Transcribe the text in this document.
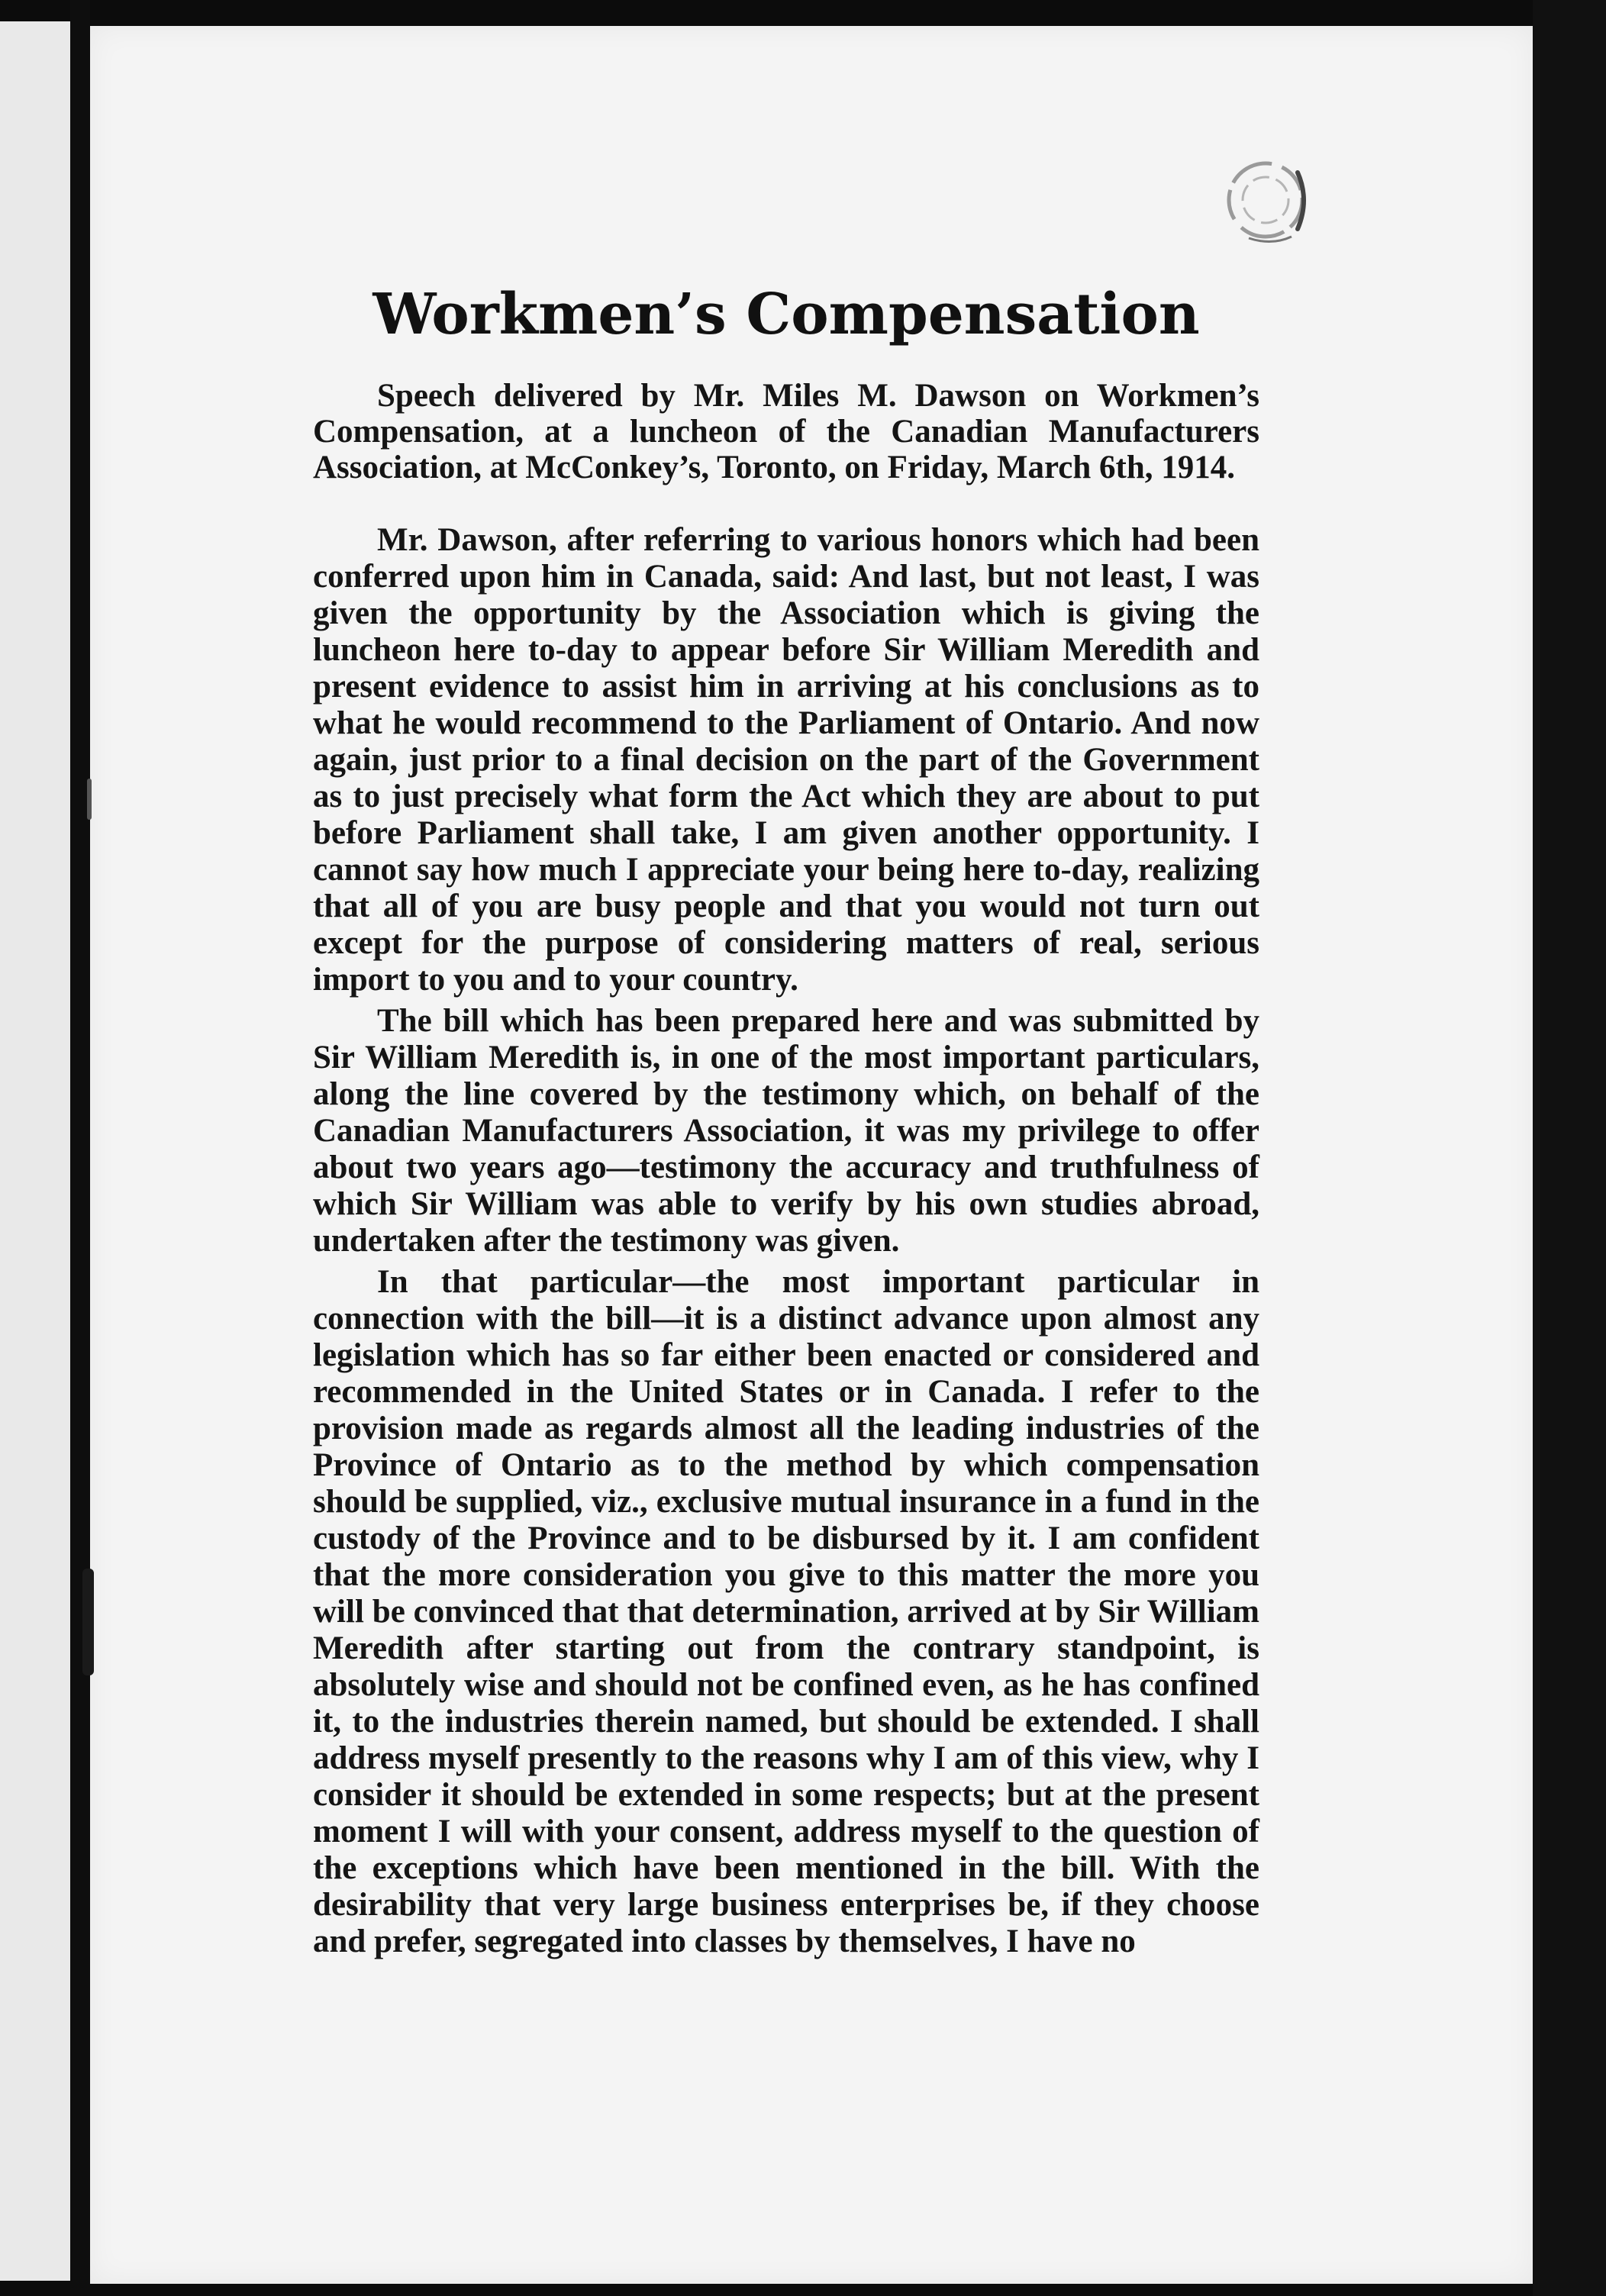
Workmen’s Compensation

Speech delivered by Mr. Miles M. Dawson on Workmen’s Compensation, at a luncheon of the Canadian Manufacturers Association, at McConkey’s, Toronto, on Friday, March 6th, 1914.

Mr. Dawson, after referring to various honors which had been conferred upon him in Canada, said: And last, but not least, I was given the opportunity by the Association which is giving the luncheon here to-day to appear before Sir William Meredith and present evidence to assist him in arriving at his conclusions as to what he would recommend to the Parliament of Ontario. And now again, just prior to a final decision on the part of the Government as to just precisely what form the Act which they are about to put before Parliament shall take, I am given another opportunity. I cannot say how much I appreciate your being here to-day, realizing that all of you are busy people and that you would not turn out except for the purpose of considering matters of real, serious import to you and to your country.

The bill which has been prepared here and was submitted by Sir William Meredith is, in one of the most important particulars, along the line covered by the testimony which, on behalf of the Canadian Manufacturers Association, it was my privilege to offer about two years ago—testimony the accuracy and truthfulness of which Sir William was able to verify by his own studies abroad, undertaken after the testimony was given.

In that particular—the most important particular in connection with the bill—it is a distinct advance upon almost any legislation which has so far either been enacted or considered and recommended in the United States or in Canada. I refer to the provision made as regards almost all the leading industries of the Province of Ontario as to the method by which compensation should be supplied, viz., exclusive mutual insurance in a fund in the custody of the Province and to be disbursed by it. I am confident that the more consideration you give to this matter the more you will be convinced that that determination, arrived at by Sir William Meredith after starting out from the contrary standpoint, is absolutely wise and should not be confined even, as he has confined it, to the industries therein named, but should be extended. I shall address myself presently to the reasons why I am of this view, why I consider it should be extended in some respects; but at the present moment I will with your consent, address myself to the question of the exceptions which have been mentioned in the bill. With the desirability that very large business enterprises be, if they choose and prefer, segregated into classes by themselves, I have no
